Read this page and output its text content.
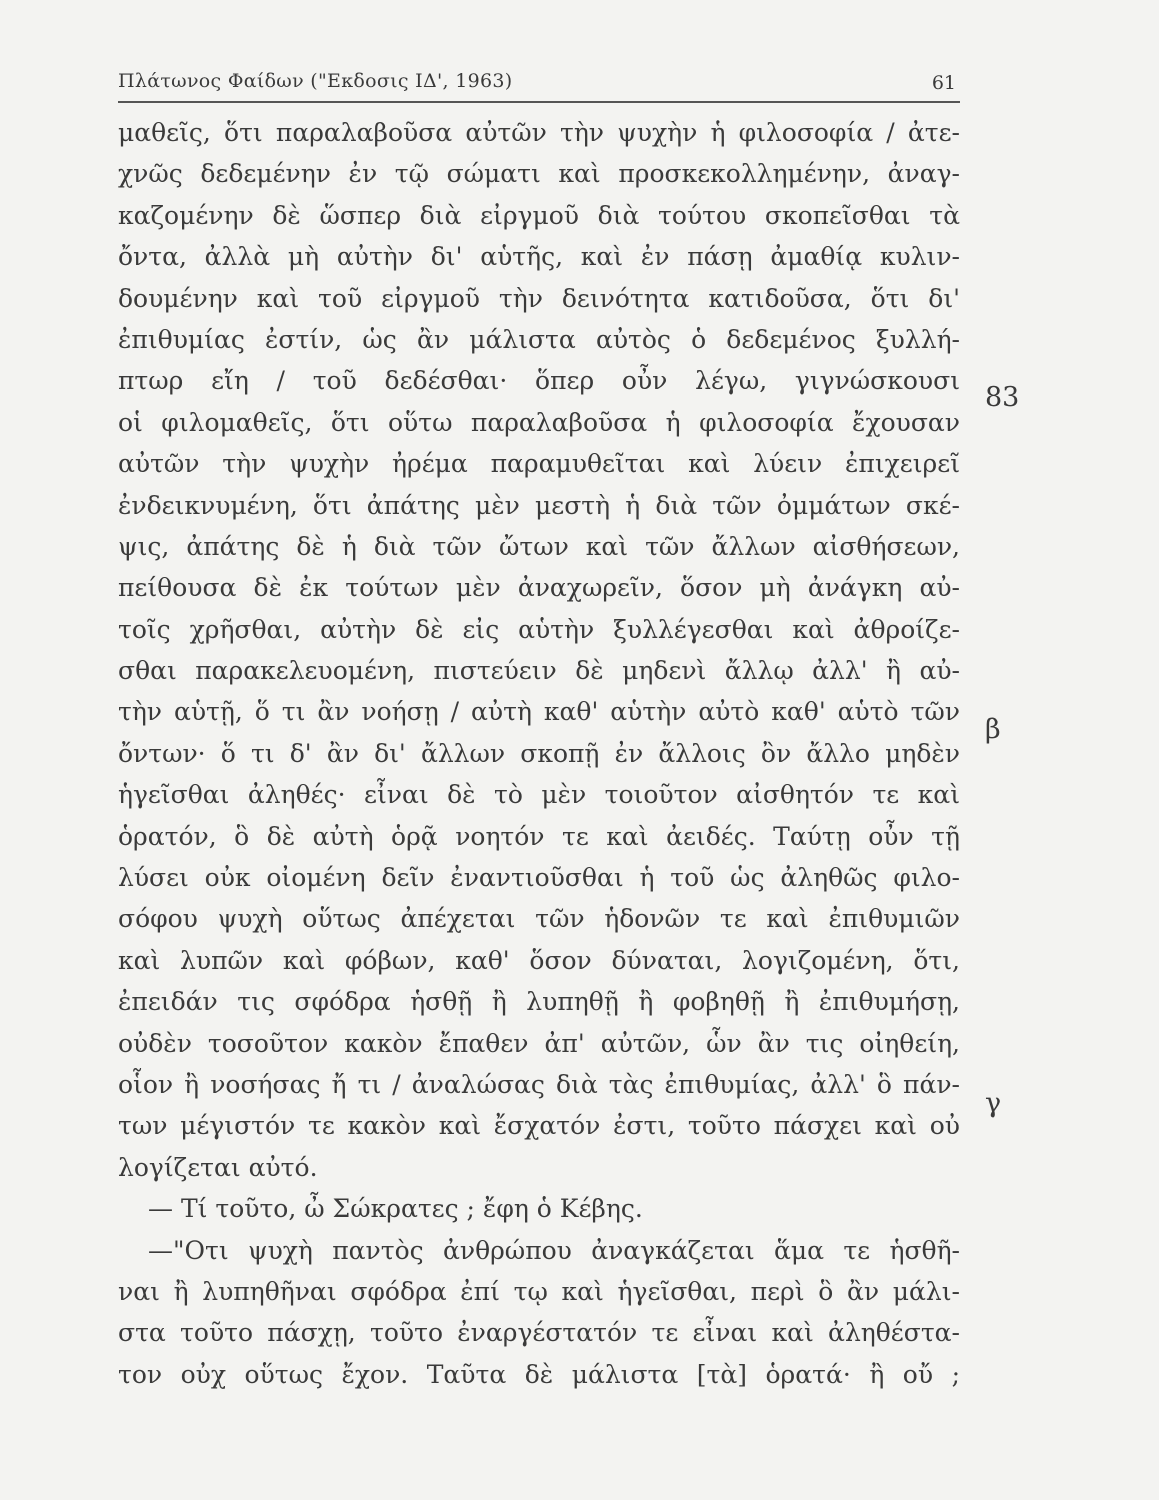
Πλάτωνος Φαίδων ("Εκδοσις ΙΔ', 1963)	61
μαθεῖς, ὅτι παραλαβοῦσα αὐτῶν τὴν ψυχὴν ἡ φιλοσοφία / ἀτε-
χνῶς δεδεμένην ἐν τῷ σώματι καὶ προσκεκολλημένην, ἀναγ-
καζομένην δὲ ὥσπερ διὰ εἰργμοῦ διὰ τούτου σκοπεῖσθαι τὰ
ὄντα, ἀλλὰ μὴ αὐτὴν δι' αὑτῆς, καὶ ἐν πάσῃ ἀμαθίᾳ κυλιν-
δουμένην καὶ τοῦ εἰργμοῦ τὴν δεινότητα κατιδοῦσα, ὅτι δι'
ἐπιθυμίας ἐστίν, ὡς ἂν μάλιστα αὐτὸς ὁ δεδεμένος ξυλλή-
πτωρ εἴη / τοῦ δεδέσθαι· ὅπερ οὖν λέγω, γιγνώσκουσι
οἱ φιλομαθεῖς, ὅτι οὕτω παραλαβοῦσα ἡ φιλοσοφία ἔχουσαν
αὐτῶν τὴν ψυχὴν ἠρέμα παραμυθεῖται καὶ λύειν ἐπιχειρεῖ
ἐνδεικνυμένη, ὅτι ἀπάτης μὲν μεστὴ ἡ διὰ τῶν ὀμμάτων σκέ-
ψις, ἀπάτης δὲ ἡ διὰ τῶν ὤτων καὶ τῶν ἄλλων αἰσθήσεων,
πείθουσα δὲ ἐκ τούτων μὲν ἀναχωρεῖν, ὅσον μὴ ἀνάγκη αὐ-
τοῖς χρῆσθαι, αὐτὴν δὲ εἰς αὑτὴν ξυλλέγεσθαι καὶ ἀθροίζε-
σθαι παρακελευομένη, πιστεύειν δὲ μηδενὶ ἄλλῳ ἀλλ' ἢ αὐ-
τὴν αὑτῇ, ὅ τι ἂν νοήσῃ / αὐτὴ καθ' αὑτὴν αὐτὸ καθ' αὑτὸ τῶν
ὄντων· ὅ τι δ' ἂν δι' ἄλλων σκοπῇ ἐν ἄλλοις ὂν ἄλλο μηδὲν
ἡγεῖσθαι ἀληθές· εἶναι δὲ τὸ μὲν τοιοῦτον αἰσθητόν τε καὶ
ὁρατόν, ὃ δὲ αὐτὴ ὁρᾷ νοητόν τε καὶ ἀειδές. Ταύτῃ οὖν τῇ
λύσει οὐκ οἰομένη δεῖν ἐναντιοῦσθαι ἡ τοῦ ὡς ἀληθῶς φιλο-
σόφου ψυχὴ οὕτως ἀπέχεται τῶν ἡδονῶν τε καὶ ἐπιθυμιῶν
καὶ λυπῶν καὶ φόβων, καθ' ὅσον δύναται, λογιζομένη, ὅτι,
ἐπειδάν τις σφόδρα ἡσθῇ ἢ λυπηθῇ ἢ φοβηθῇ ἢ ἐπιθυμήσῃ,
οὐδὲν τοσοῦτον κακὸν ἔπαθεν ἀπ' αὐτῶν, ὧν ἂν τις οἰηθείη,
οἷον ἢ νοσήσας ἤ τι / ἀναλώσας διὰ τὰς ἐπιθυμίας, ἀλλ' ὃ πάν-
των μέγιστόν τε κακὸν καὶ ἔσχατόν ἐστι, τοῦτο πάσχει καὶ οὐ
λογίζεται αὐτό.
— Τί τοῦτο, ὦ Σώκρατες ; ἔφη ὁ Κέβης.
—"Οτι ψυχὴ παντὸς ἀνθρώπου ἀναγκάζεται ἅμα τε ἡσθῆ-
ναι ἢ λυπηθῆναι σφόδρα ἐπί τῳ καὶ ἡγεῖσθαι, περὶ ὃ ἂν μάλι-
στα τοῦτο πάσχῃ, τοῦτο ἐναργέστατόν τε εἶναι καὶ ἀληθέστα-
τον οὐχ οὕτως ἔχον. Ταῦτα δὲ μάλιστα [τὰ] ὁρατά· ἢ οὔ ;
83
β
γ
